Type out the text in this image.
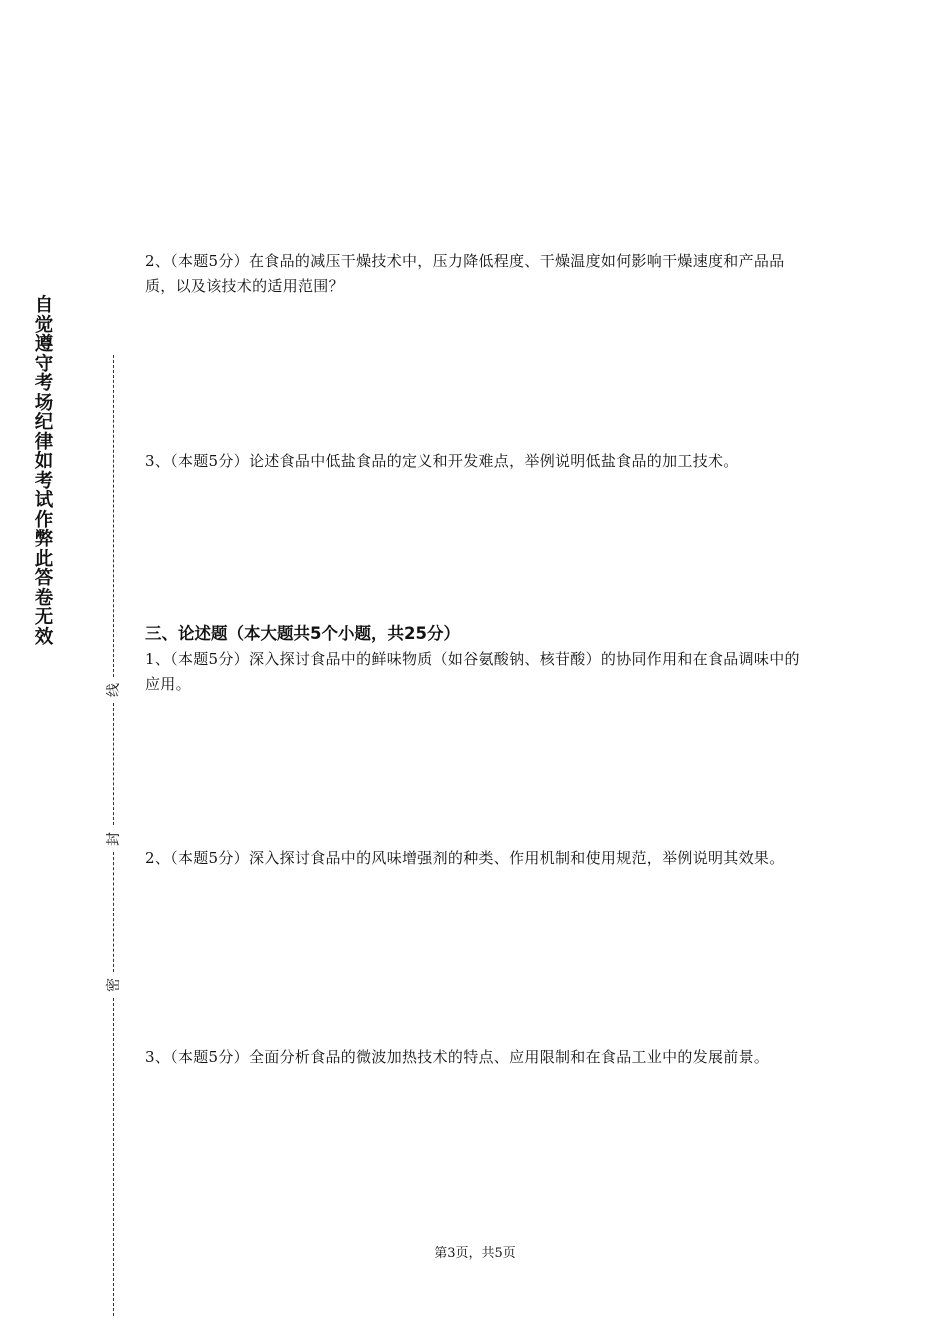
自觉遵守考场纪律如考试作弊此答卷无效
线
封
密

2、（本题5分）在食品的减压干燥技术中，压力降低程度、干燥温度如何影响干燥速度和产品品质，以及该技术的适用范围？

3、（本题5分）论述食品中低盐食品的定义和开发难点，举例说明低盐食品的加工技术。

三、论述题（本大题共5个小题，共25分）

1、（本题5分）深入探讨食品中的鲜味物质（如谷氨酸钠、核苷酸）的协同作用和在食品调味中的应用。

2、（本题5分）深入探讨食品中的风味增强剂的种类、作用机制和使用规范，举例说明其效果。

3、（本题5分）全面分析食品的微波加热技术的特点、应用限制和在食品工业中的发展前景。

第3页，共5页
